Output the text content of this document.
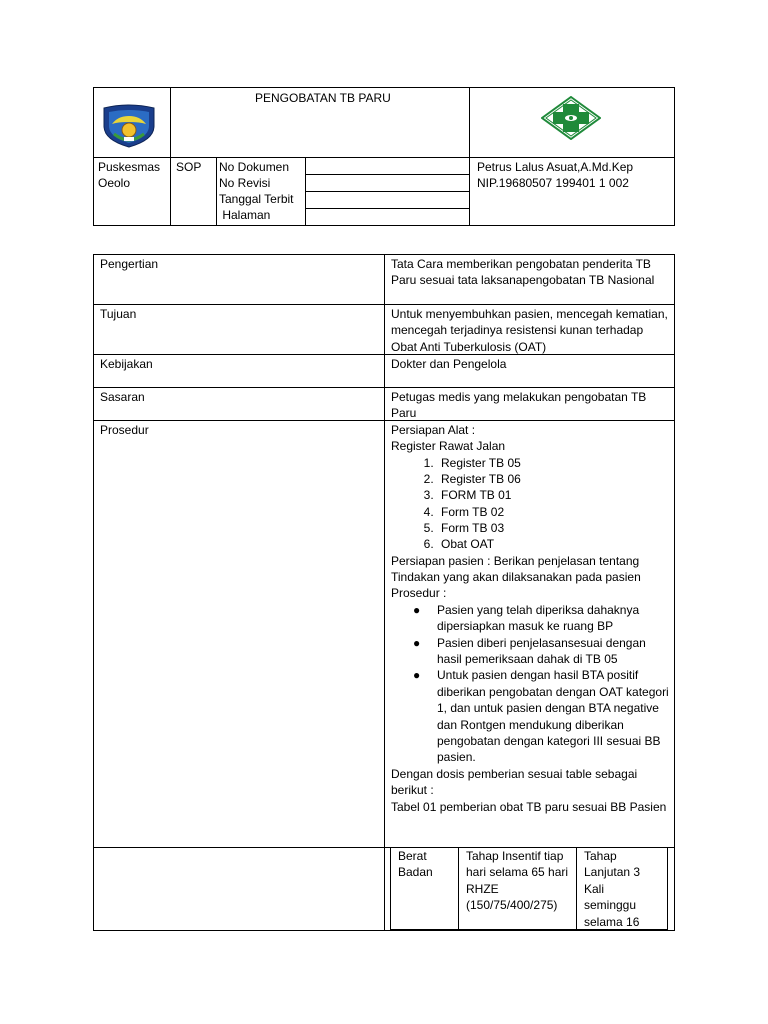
PENGOBATAN TB PARU
Puskesmas Oeolo
SOP No Dokumen
No Revisi
Tanggal Terbit
Halaman
Petrus Lalus Asuat,A.Md.Kep
NIP.19680507 199401 1 002
Pengertian
Tujuan
Kebijakan
Sasaran
Prosedur
Tata Cara memberikan pengobatan penderita TB Paru sesuai tata laksanapengobatan TB Nasional
Untuk menyembuhkan pasien, mencegah kematian, mencegah terjadinya resistensi kunan terhadap Obat Anti Tuberkulosis (OAT)
Dokter dan Pengelola
Petugas medis yang melakukan pengobatan TB Paru
Persiapan Alat :
Register Rawat Jalan
1. Register TB 05
2. Register TB 06
3. FORM TB 01
4. Form TB 02
5. Form TB 03
6. Obat OAT
Persiapan pasien : Berikan penjelasan tentang Tindakan yang akan dilaksanakan pada pasien
Prosedur :
● Pasien yang telah diperiksa dahaknya dipersiapkan masuk ke ruang BP
● Pasien diberi penjelasansesuai dengan hasil pemeriksaan dahak di TB 05
● Untuk pasien dengan hasil BTA positif diberikan pengobatan dengan OAT kategori 1, dan untuk pasien dengan BTA negative dan Rontgen mendukung diberikan pengobatan dengan kategori III sesuai BB pasien.
Dengan dosis pemberian sesuai table sebagai berikut :
Tabel 01 pemberian obat TB paru sesuai BB Pasien
Berat Badan
Tahap Insentif tiap hari selama 65 hari RHZE (150/75/400/275)
Tahap Lanjutan 3 Kali seminggu selama 16
